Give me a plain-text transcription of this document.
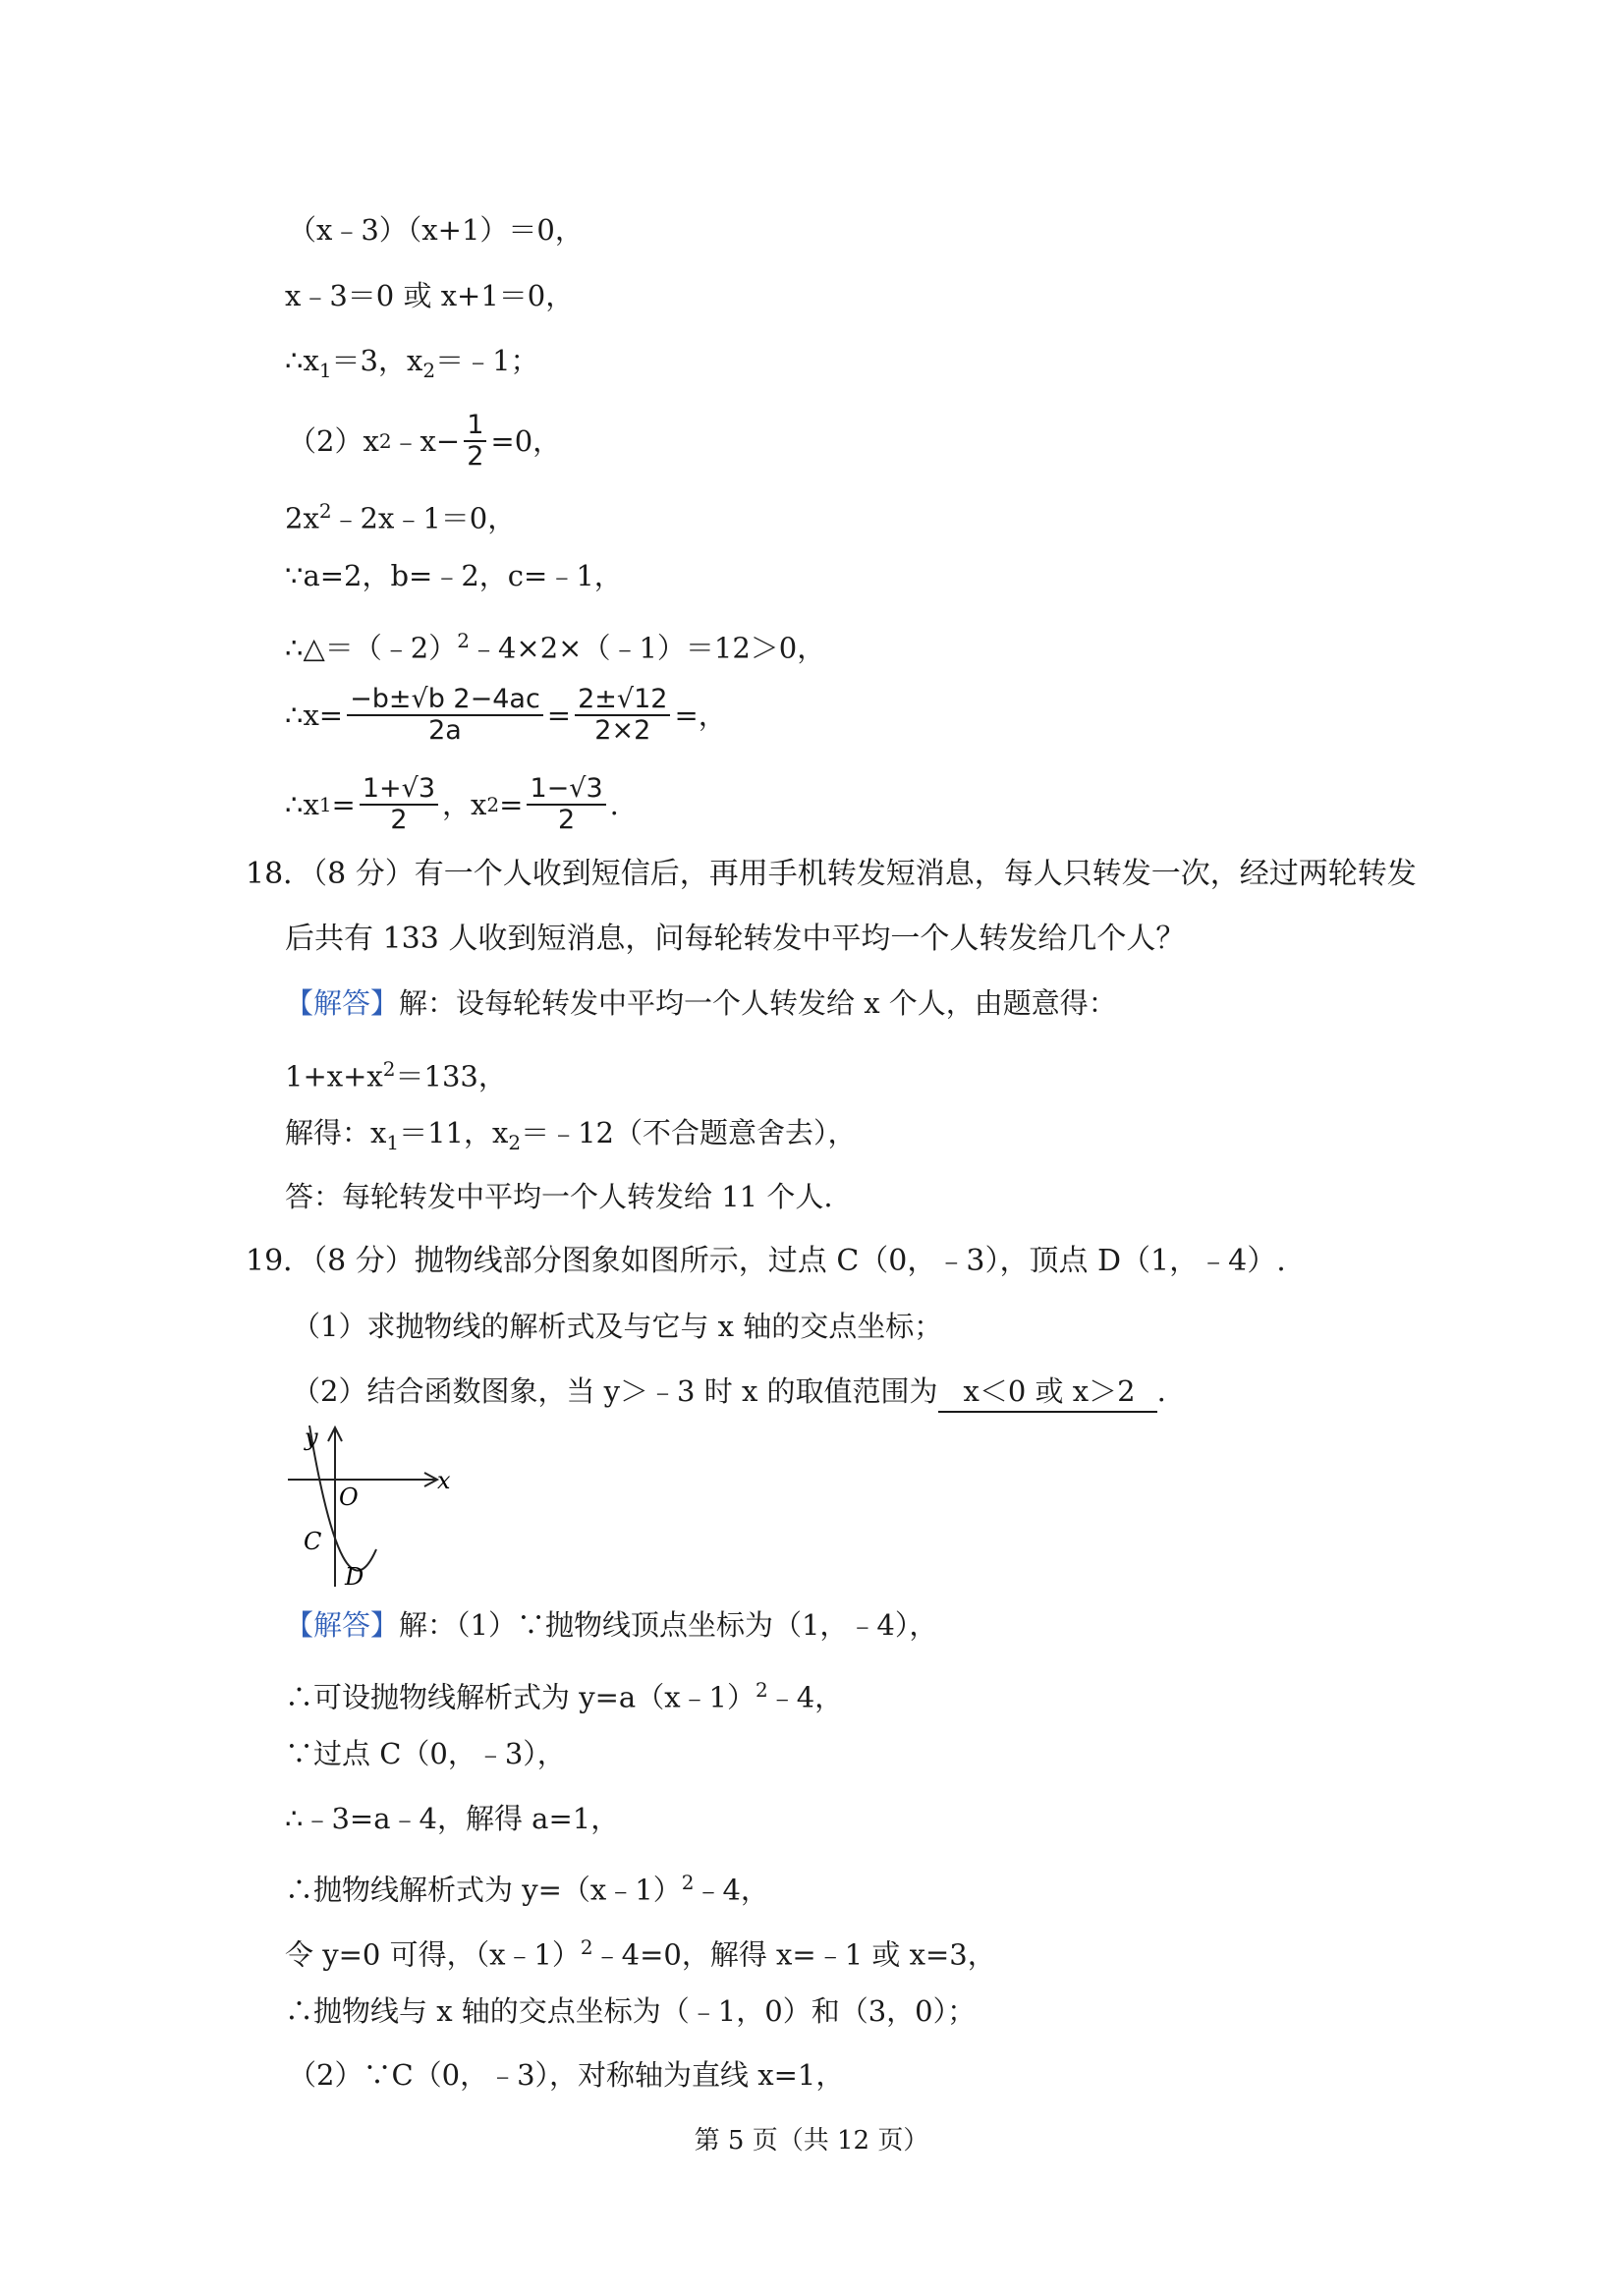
（x﹣3）（x+1）＝0，
x﹣3＝0 或 x+1＝0，
$\therefore x_1=3$，$x_2=﹣1$；
（2）x 2 ﹣x− $\frac{1}{2} =0$，
$2x^2﹣2x﹣1=0$，
∵a=2，b=﹣2，c=﹣1，
∴△＝（﹣2）$^2$﹣4×2×（﹣1）＝12＞0，
∴x= $\frac{-b\pm√b 2-4ac}{2a} = \frac{2\pm√12}{2\times 2}$ =，
∴x $1 = \frac{1+√3}{2}$ ，x $2 = \frac{1-√3}{2}$ .
18．（8 分）有一个人收到短信后，再用手机转发短消息，每人只转发一次，经过两轮转发
后共有 133 人收到短消息，问每轮转发中平均一个人转发给几个人？
【解答】解：设每轮转发中平均一个人转发给 x 个人，由题意得：
$1+x+x^2=133$，
解得：$x_1=11$，$x_2=﹣12$（不合题意舍去），
答：每轮转发中平均一个人转发给 11 个人.
19．（8 分）抛物线部分图象如图所示，过点 C（0，﹣3），顶点 D（1，﹣4）.
（1）求抛物线的解析式及与它与 x 轴的交点坐标；
（2）结合函数图象，当 y＞﹣3 时 x 的取值范围为 x＜0 或 x＞2 .
y
x
O
C
D
【解答】解：（1）∵抛物线顶点坐标为（1，﹣4），
∴可设抛物线解析式为 y=a（x﹣1）$^2$﹣4，
∵过点 C（0，﹣3），
∴﹣3=a﹣4，解得 a=1，
∴抛物线解析式为 y=（x﹣1）$^2$﹣4，
令 y=0 可得，（x﹣1）$^2$﹣4=0，解得 x=﹣1 或 x=3，
∴抛物线与 x 轴的交点坐标为（﹣1，0）和（3，0）；
（2）∵C（0，﹣3），对称轴为直线 x=1，
第 5 页（共 12 页）
